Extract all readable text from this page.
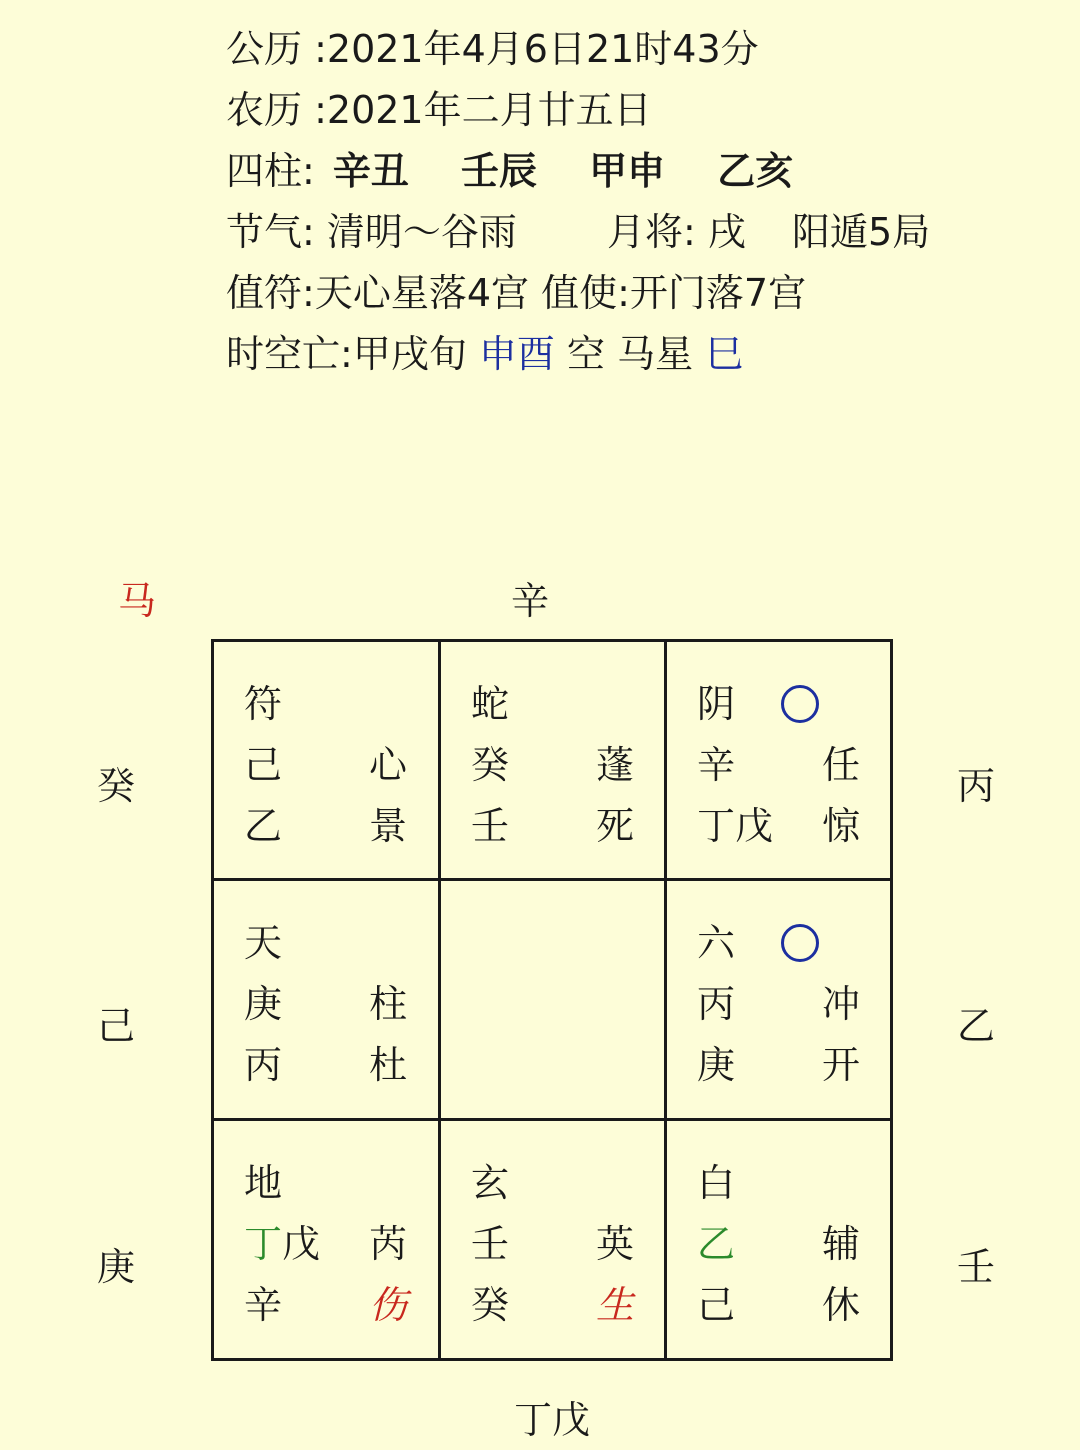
公历 :2021年4月6日21时43分
农历 :2021年二月廿五日
四柱: 辛丑 壬辰 甲申 乙亥
节气: 清明～谷雨 月将: 戌 阳遁5局
值符:天心星落4宫 值使:开门落7宫
时空亡:甲戌旬 申酉 空 马星 巳
马	辛
癸
己
庚
丙
乙
壬
丁戊
符
己 心
乙 景
蛇
癸 蓬
壬 死
阴
辛 任
丁戊 惊
天
庚 柱
丙 杜
六
丙 冲
庚 开
地
丁戊 芮
辛 伤
玄
壬 英
癸 生
白
乙 辅
己 休
